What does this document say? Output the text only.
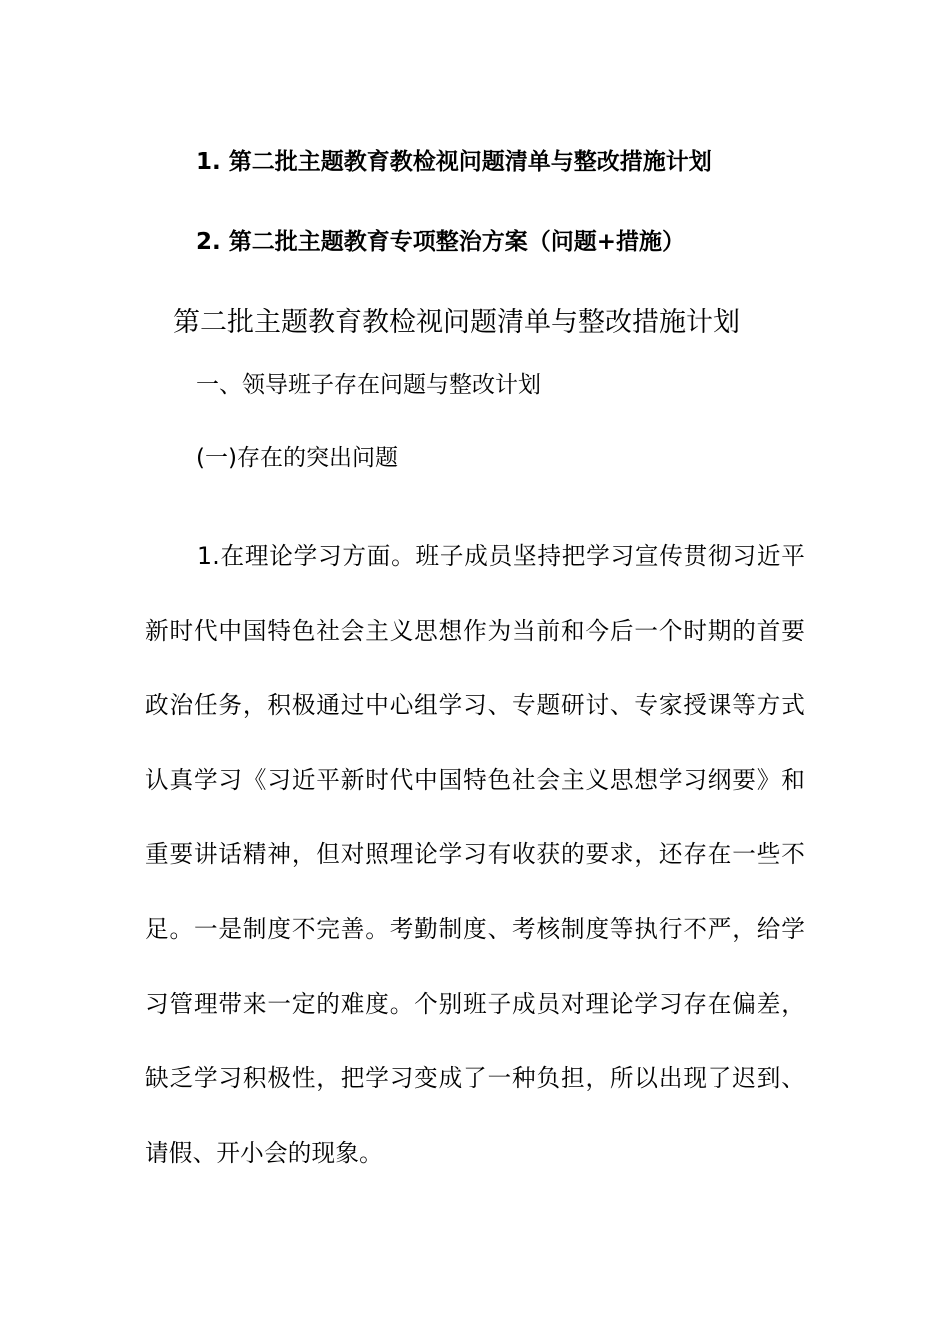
1. 第二批主题教育教检视问题清单与整改措施计划
2. 第二批主题教育专项整治方案（问题+措施）
第二批主题教育教检视问题清单与整改措施计划
一、领导班子存在问题与整改计划
(一)存在的突出问题

1.在理论学习方面。班子成员坚持把学习宣传贯彻习近平新时代中国特色社会主义思想作为当前和今后一个时期的首要政治任务，积极通过中心组学习、专题研讨、专家授课等方式认真学习《习近平新时代中国特色社会主义思想学习纲要》和重要讲话精神，但对照理论学习有收获的要求，还存在一些不足。一是制度不完善。考勤制度、考核制度等执行不严，给学习管理带来一定的难度。个别班子成员对理论学习存在偏差，缺乏学习积极性，把学习变成了一种负担，所以出现了迟到、请假、开小会的现象。
